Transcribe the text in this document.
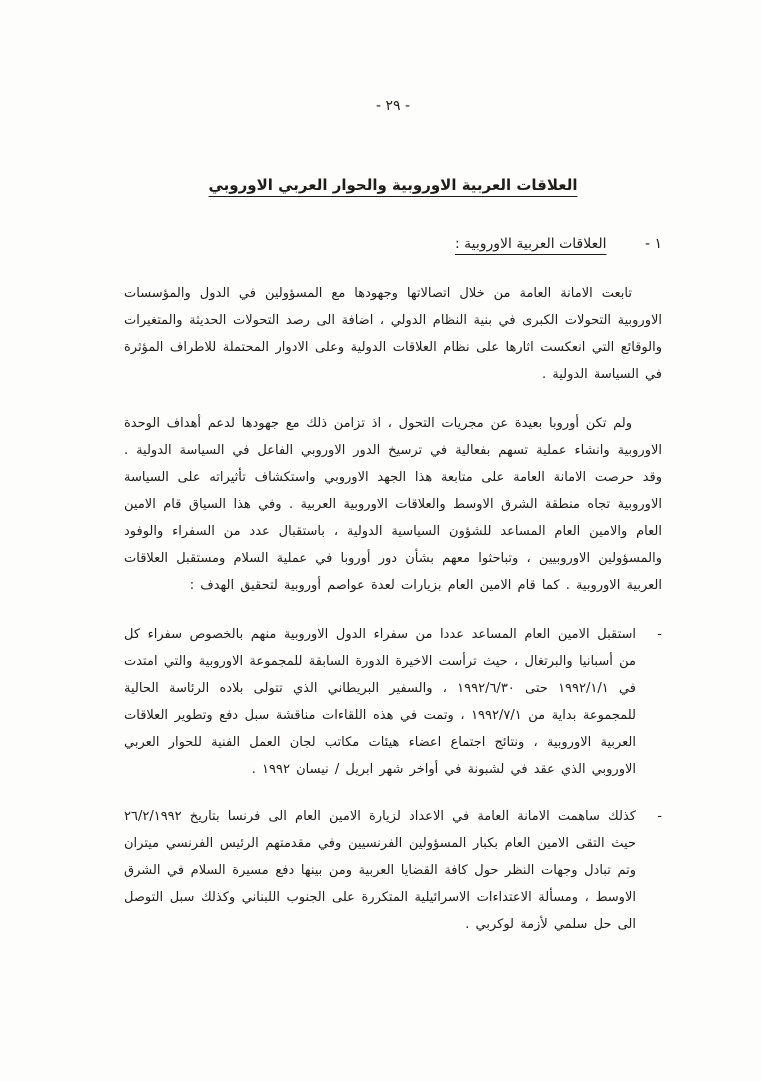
- ٢٩ -
العلاقات العربية الاوروبية والحوار العربي الاوروبي
١ - العلاقات العربية الاوروبية :

تابعت الامانة العامة من خلال اتصالاتها وجهودها مع المسؤولين في الدول والمؤسسات الاوروبية التحولات الكبرى في بنية النظام الدولي ، اضافة الى رصد التحولات الحديثة والمتغيرات والوقائع التي انعكست اثارها على نظام العلاقات الدولية وعلى الادوار المحتملة للاطراف المؤثرة في السياسة الدولية .

ولم تكن أوروبا بعيدة عن مجريات التحول ، اذ تزامن ذلك مع جهودها لدعم أهداف الوحدة الاوروبية وانشاء عملية تسهم بفعالية في ترسيخ الدور الاوروبي الفاعل في السياسة الدولية . وقد حرصت الامانة العامة على متابعة هذا الجهد الاوروبي واستكشاف تأثيراته على السياسة الاوروبية تجاه منطقة الشرق الاوسط والعلاقات الاوروبية العربية . وفي هذا السياق قام الامين العام والامين العام المساعد للشؤون السياسية الدولية ، باستقبال عدد من السفراء والوفود والمسؤولين الاوروبيين ، وتباحثوا معهم بشأن دور أوروبا في عملية السلام ومستقبل العلاقات العربية الاوروبية . كما قام الامين العام بزيارات لعدة عواصم أوروبية لتحقيق الهدف :

-
استقبل الامين العام المساعد عددا من سفراء الدول الاوروبية منهم بالخصوص سفراء كل من أسبانيا والبرتغال ، حيث ترأست الاخيرة الدورة السابقة للمجموعة الاوروبية والتي امتدت في ١٩٩٢/١/١ حتى ١٩٩٢/٦/٣٠ ، والسفير البريطاني الذي تتولى بلاده الرئاسة الحالية للمجموعة بداية من ١٩٩٢/٧/١ ، وتمت في هذه اللقاءات مناقشة سبل دفع وتطوير العلاقات العربية الاوروبية ، ونتائج اجتماع اعضاء هيئات مكاتب لجان العمل الفنية للحوار العربي الاوروبي الذي عقد في لشبونة في أواخر شهر ابريل / نيسان ١٩٩٢ .
-
كذلك ساهمت الامانة العامة في الاعداد لزيارة الامين العام الى فرنسا بتاريخ ٢٦/٢/١٩٩٢ حيث التقى الامين العام بكبار المسؤولين الفرنسيين وفي مقدمتهم الرئيس الفرنسي ميتران وتم تبادل وجهات النظر حول كافة القضايا العربية ومن بينها دفع مسيرة السلام في الشرق الاوسط ، ومسألة الاعتداءات الاسرائيلية المتكررة على الجنوب اللبناني وكذلك سبل التوصل الى حل سلمي لأزمة لوكربي .
